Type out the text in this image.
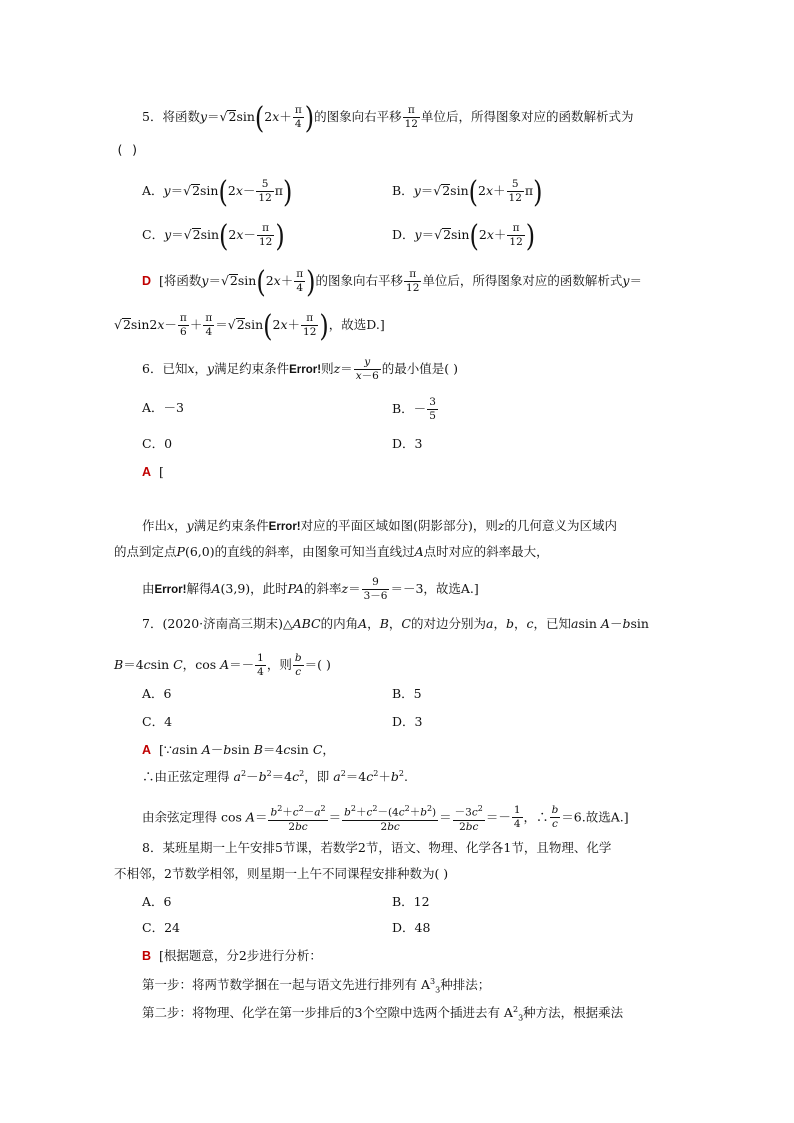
5．将函数$y=√2\sin(2x+ \frac{\pi}{4}$ )的图象向右平移 $\frac{\pi}{12}$ 单位后，所得图象对应的函数解析式为
( )
A．$y=√2\sin(2x- \frac{5}{12} \pi)$	B．$y=√2\sin(2x+ \frac{5}{12} \pi)$
C．$y=√2\sin(2x- \frac{\pi}{12}$ )	D．$y=√2\sin(2x+ \frac{\pi}{12}$ )
D [将函数$y=√2\sin(2x+ \frac{\pi}{4}$ )的图象向右平移 $\frac{\pi}{12}$ 单位后，所得图象对应的函数解析式y＝
$√2\sin 2x- \frac{\pi}{6} + \frac{\pi}{4} =√2\sin(2x+ \frac{\pi}{12}$ )，故选D.]
6．已知x，y满足约束条件Error!则$z= \frac{y}{x-6}$ 的最小值是( )
A．－3	B．－ $\frac{3}{5}$
C．0	D．3
A [
作出x，y满足约束条件Error!对应的平面区域如图(阴影部分)，则z的几何意义为区域内
的点到定点P(6,0)的直线的斜率，由图象可知当直线过A点时对应的斜率最大，
由Error!解得A(3,9)，此时PA的斜率$z= \frac{9}{3-6} =-3$，故选A.]
7．(2020·济南高三期末)△ABC的内角A，B，C的对边分别为a，b，c，已知asin A－bsin
B＝4csin C，$\cos A=- \frac{1}{4}$ ，则 $\frac{b}{c}$ ＝( )
A．6	B．5
C．4	D．3
A [∵asin A－bsin B＝4csin C，
∴由正弦定理得 $a^2-b^2=4c^2$，即 $a^2=4c^2+b^2$.
由余弦定理得 $\cos A= \frac{b^2+c^2-a^2}{2bc} = \frac{b^2+c^2-(4c^2+b^2)}{2bc} = \frac{-3c^2}{2bc} =- \frac{1}{4}$ ，∴ $\frac{b}{c} =6$.故选A.]
8．某班星期一上午安排5节课，若数学2节，语文、物理、化学各1节，且物理、化学
不相邻，2节数学相邻，则星期一上午不同课程安排种数为( )
A．6	B．12
C．24	D．48
B [根据题意，分2步进行分析：
第一步：将两节数学捆在一起与语文先进行排列有 $A^3_3$种排法；
第二步：将物理、化学在第一步排后的3个空隙中选两个插进去有 $A^2_3$种方法，根据乘法
